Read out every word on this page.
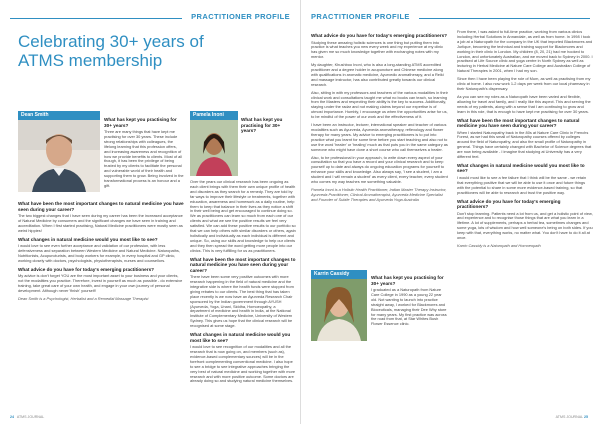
PRACTITIONER PROFILE
Celebrating 30+ years of ATMS membership
Dean Smith
What has kept you practising for 30+ years?

Three are many things that have kept me practising for over 30 years. These include strong relationships with colleagues, the lifelong learning that this profession offers, and increasing awareness and recognition of how we provide benefits to clients. Most of all though, it has been the privilege of being trusted by my clients to facilitate the personal and vulnerable world of their health and supporting them to grow. Being involved in the transformational process is an honour and a gift.

What have been the most important changes to natural medicine you have seen during your career?

The two biggest changes that I have seen during my career has been the increased acceptance of Natural Medicine by consumers and the significant changes we have seen in training and accreditation. When I first started practising, Natural Medicine practitioners were mostly seen as weird hippies!

What changes in natural medicine would you most like to see?

I would love to see even further acceptance and validation of our profession, with less defensiveness and separation between Western Medicine and Natural Medicine. Naturopaths, Nutritionists, Acupuncturists, and body workers for example, in every hospital and GP clinic, working closely with doctors, psychologists, physiotherapists, nurses and counsellors.

What advice do you have for today's emerging practitioners?

My advice is don't forget YOU are the most important asset to your business and your clients, not the modalities you practice. Therefore, invest in yourself as much as possible - do extensive training, take great care of your own health, and engage in your own journey of personal development. Although never 'finish' yourself!

Dean Smith is a Psychologist, Herbalist and a Remedial Massage Therapist

Pamela Inoni
What has kept you practising for 30+ years?

Over the years our clinical research has been ongoing as each client brings with them their own unique profile of health and disorders as they search for a remedy. They are told by far ways to improve their lifestyle or treatments, together with education, awareness and homework as a daily routine, help them to keep that balance in their lives as they notice a shift in their well being and get encouraged to continue doing so. We as practitioners can learn so much from each one of our clients and what we see the positive results we feel very satisfied. We can add these positive results to our portfolio so that we can help others with similar disorders or others, again holistically and individually as each individual is different and unique. So, using our skills and knowledge to help our clients and they then spread the word getting more people into our clinics. This is very fulfilling for us as practitioners.

What have been the most important changes to natural medicine you have seen during your career?

There have been some very positive outcomes with more research happening in the field of natural medicine and the integrative side is where the health funds were stopped from giving rebates to our clients. The best thing that has taken place recently is we now have an Ayurveda Research Chair sponsored by the Indian government through AYUSH (Ayurveda, Yoga, Unani, Siddha, Homoeopathy, a department of medicine and health in India, at the National Institute of Complementary Medicine, University of Western Sydney. This gives us hope that the clinical research will be recognised at some stage.

What changes in natural medicine would you most like to see?

I would love to see recognition of our modalities and all the research that is now going on, and members (such as), evidence-based complementary sources) will be in the forefront complementing conventional medicine. I also hope to see a bridge to see integrative approaches bringing the very best of natural medicine and working together with more research and with more positive outcome. Some doctors are already doing so and studying natural medicine themselves.

24 ATMS JOURNAL
PRACTITIONER PROFILE
What advice do you have for today's emerging practitioners?

Studying these amazing holistic sciences is one thing but putting them into practice is what teaches you new every week and my experience at my clinic has given me so much knowledge together with exchanging notes with my mentor.

My daughter, Khushboo Inoni, who is also a long-standing ATMS accredited practitioner and a degree holder in acupuncture and Chinese medicine along with qualifications in aromatic medicine, Ayurvedic aromatherapy, and a Reiki and massage instructor, has also contributed greatly towards our clinical research.

Also, sitting in with my professors and teachers of the various modalities in their clinical work and consultations taught me what no books can teach, so learning from the Masters and respecting their ability is the key to success. Additionally, staying under the radar and not making claims beyond our expertise is of utmost importance. Humbly, I encourage us when the opportunities arise for us, to be mindful of the power of our work and the effectiveness of it.

I have been an instructor, lecturer, international speaker and teacher of various modalities such as Ayurveda, Ayurveda aromatherapy, reflexology and flower therapy for many years. My advice to emerging practitioners is to put into practice what you learnt for some time before you start teaching and also not to use the word 'healer' or 'healing' much as that puts you in the same category as someone who might have done a short course who call themselves a healer.

Also, to be professional in your approach, to write down every aspect of your consultation so that you have a record and your clinical research and to keep yourself up to date and always do ongoing education programs for yourself to enhance your skills and knowledge. Also always say, 'I see a student, I am a student and I will remain a student' as every client, every teacher, every student who comes my way teaches me something valuable.

Pamela Inoni is a Holistic Health Practitioner, Indian Master Therapy Instructor, Ayurveda Practitioner, Clinical Aromatherapist, Ayurveda Medicine Specialist and Founder of Subtle Therapies and Ayurveda Yoga Australia

Karrin Cassidy
What has kept you practising for 30+ years?

I graduated as a Naturopath from Nature Care College in 1990 as a young 22 year old. Not wanting to launch into practice straight away, I worked for Blackmores and Bioceuticals, managing their Dee Why store for many years. My first practice was across the road from that, at Star Whites Bush Flower Essence clinic.

From there, I was asked to full-time practice, working from various clinics including Herbal Solutions in Annandale, as well as from home. In 1998 I took a job at a Naturopath for the company in the UK that imported Blackmores and Jurlique, becoming the technical and training support for Blackmores and working in their clinic in London. My children (8, 20, 21) had me hooked to London, and unfortunately Australian, and we moved back to Sydney in 2000. I practised at Life Source clinic and yoga centre in North Sydney as well as lecturing in Herbal Medicine at Nature Care College and Australian College of Natural Therapies in 2001, when I had my son.

Since then I have been playing the role of Mum, as well as practising from my clinic at home. I also now work 1-2 days per week from our local pharmacy in their Naturopath's dispensary.

As you can see my roles as a Naturopath have been varied and flexible, allowing for travel and family, and I really like this aspect. This and serving the needs of my patients, along with a sense that I am continuing to grow and learn in this role, that is enough to have kept me practising for over 30 years.

What have been the most important changes to natural medicine you have seen during your career?

When I started Naturopathy back in the 80s at Nature Care Clinic in Frenchs Forest, as we had this small of Naturopathy courses offered by colleges around the field of Naturopathy, and also the small profile of Naturopathy in general. Things have certainly changed with Bachelor of Science degrees that are now being available - I imagine that studying at University has a very different feel.

What changes in natural medicine would you most like to see?

I would most like to see a fee failure that I think will be the same - we retain that everything positive that we will be able to use it once and future things with the potential to share in some more evidence-based training, so that practitioners will be able to research and trust the positive way.

What advice do you have for today's emerging practitioners?

Don't stop learning. Patients need a lot from us, and get a holistic point of view, and experience and to recognise those things that are what you learn in a lifetime. A lot of supplements, perhaps a herbal tea, sometimes changes and some yoga, lots of wisdom and how well someone's being on both sides. If you keep with that, everything works, no matter what. You don't have to do it all at once.

Karrin Cassidy is a Naturopath and Homoeopath

ATMS JOURNAL 25
